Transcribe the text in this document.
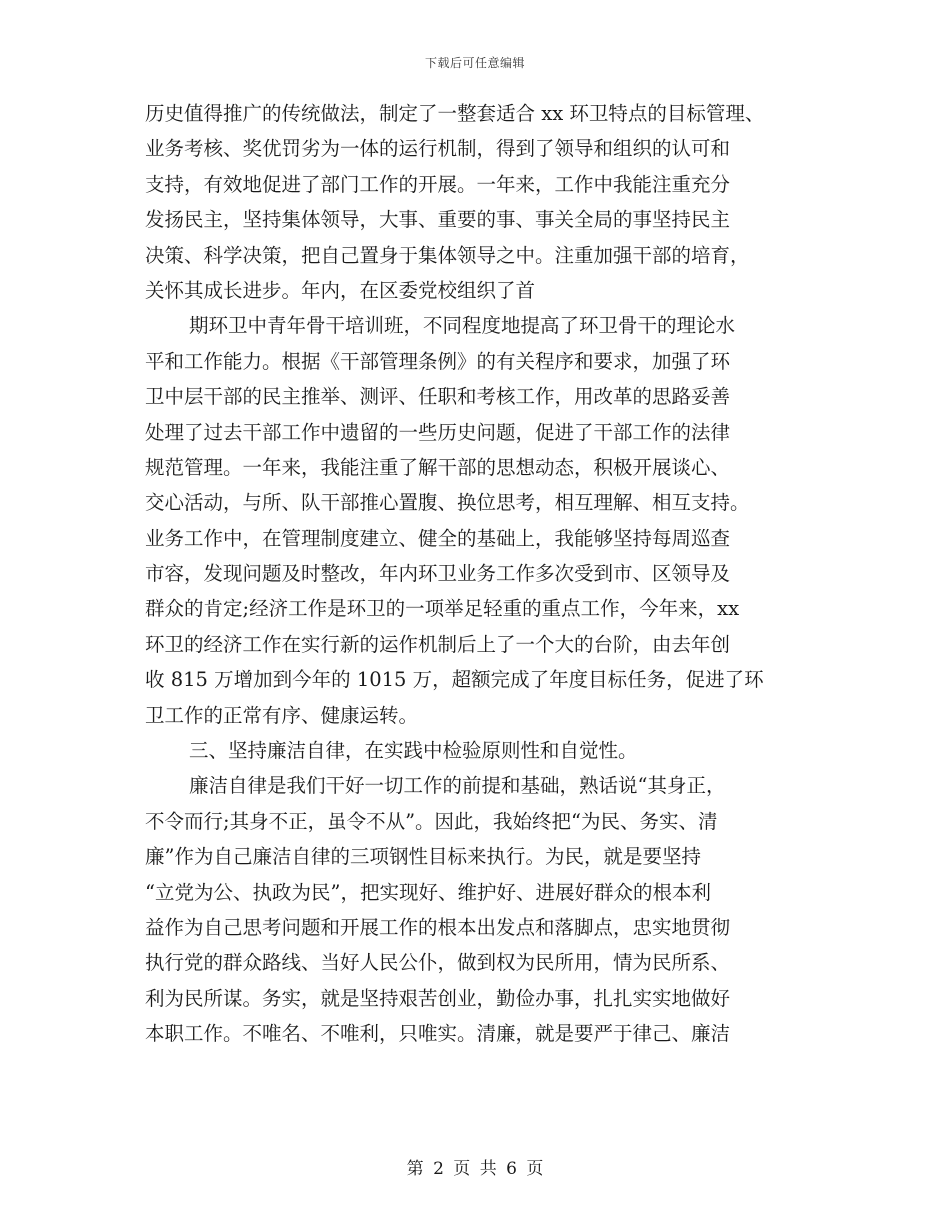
下载后可任意编辑
历史值得推广的传统做法，制定了一整套适合 xx 环卫特点的目标管理、
业务考核、奖优罚劣为一体的运行机制，得到了领导和组织的认可和
支持，有效地促进了部门工作的开展。一年来，工作中我能注重充分
发扬民主，坚持集体领导，大事、重要的事、事关全局的事坚持民主
决策、科学决策，把自己置身于集体领导之中。注重加强干部的培育，
关怀其成长进步。年内，在区委党校组织了首
期环卫中青年骨干培训班，不同程度地提高了环卫骨干的理论水
平和工作能力。根据《干部管理条例》的有关程序和要求，加强了环
卫中层干部的民主推举、测评、任职和考核工作，用改革的思路妥善
处理了过去干部工作中遗留的一些历史问题，促进了干部工作的法律
规范管理。一年来，我能注重了解干部的思想动态，积极开展谈心、
交心活动，与所、队干部推心置腹、换位思考，相互理解、相互支持。
业务工作中，在管理制度建立、健全的基础上，我能够坚持每周巡查
市容，发现问题及时整改，年内环卫业务工作多次受到市、区领导及
群众的肯定;经济工作是环卫的一项举足轻重的重点工作，今年来，xx
环卫的经济工作在实行新的运作机制后上了一个大的台阶，由去年创
收 815 万增加到今年的 1015 万，超额完成了年度目标任务，促进了环
卫工作的正常有序、健康运转。
三、坚持廉洁自律，在实践中检验原则性和自觉性。
廉洁自律是我们干好一切工作的前提和基础，熟话说“其身正，
不令而行;其身不正，虽令不从”。因此，我始终把“为民、务实、清
廉”作为自己廉洁自律的三项钢性目标来执行。为民，就是要坚持
“立党为公、执政为民”，把实现好、维护好、进展好群众的根本利
益作为自己思考问题和开展工作的根本出发点和落脚点，忠实地贯彻
执行党的群众路线、当好人民公仆，做到权为民所用，情为民所系、
利为民所谋。务实，就是坚持艰苦创业，勤俭办事，扎扎实实地做好
本职工作。不唯名、不唯利，只唯实。清廉，就是要严于律己、廉洁
第 2 页 共 6 页
